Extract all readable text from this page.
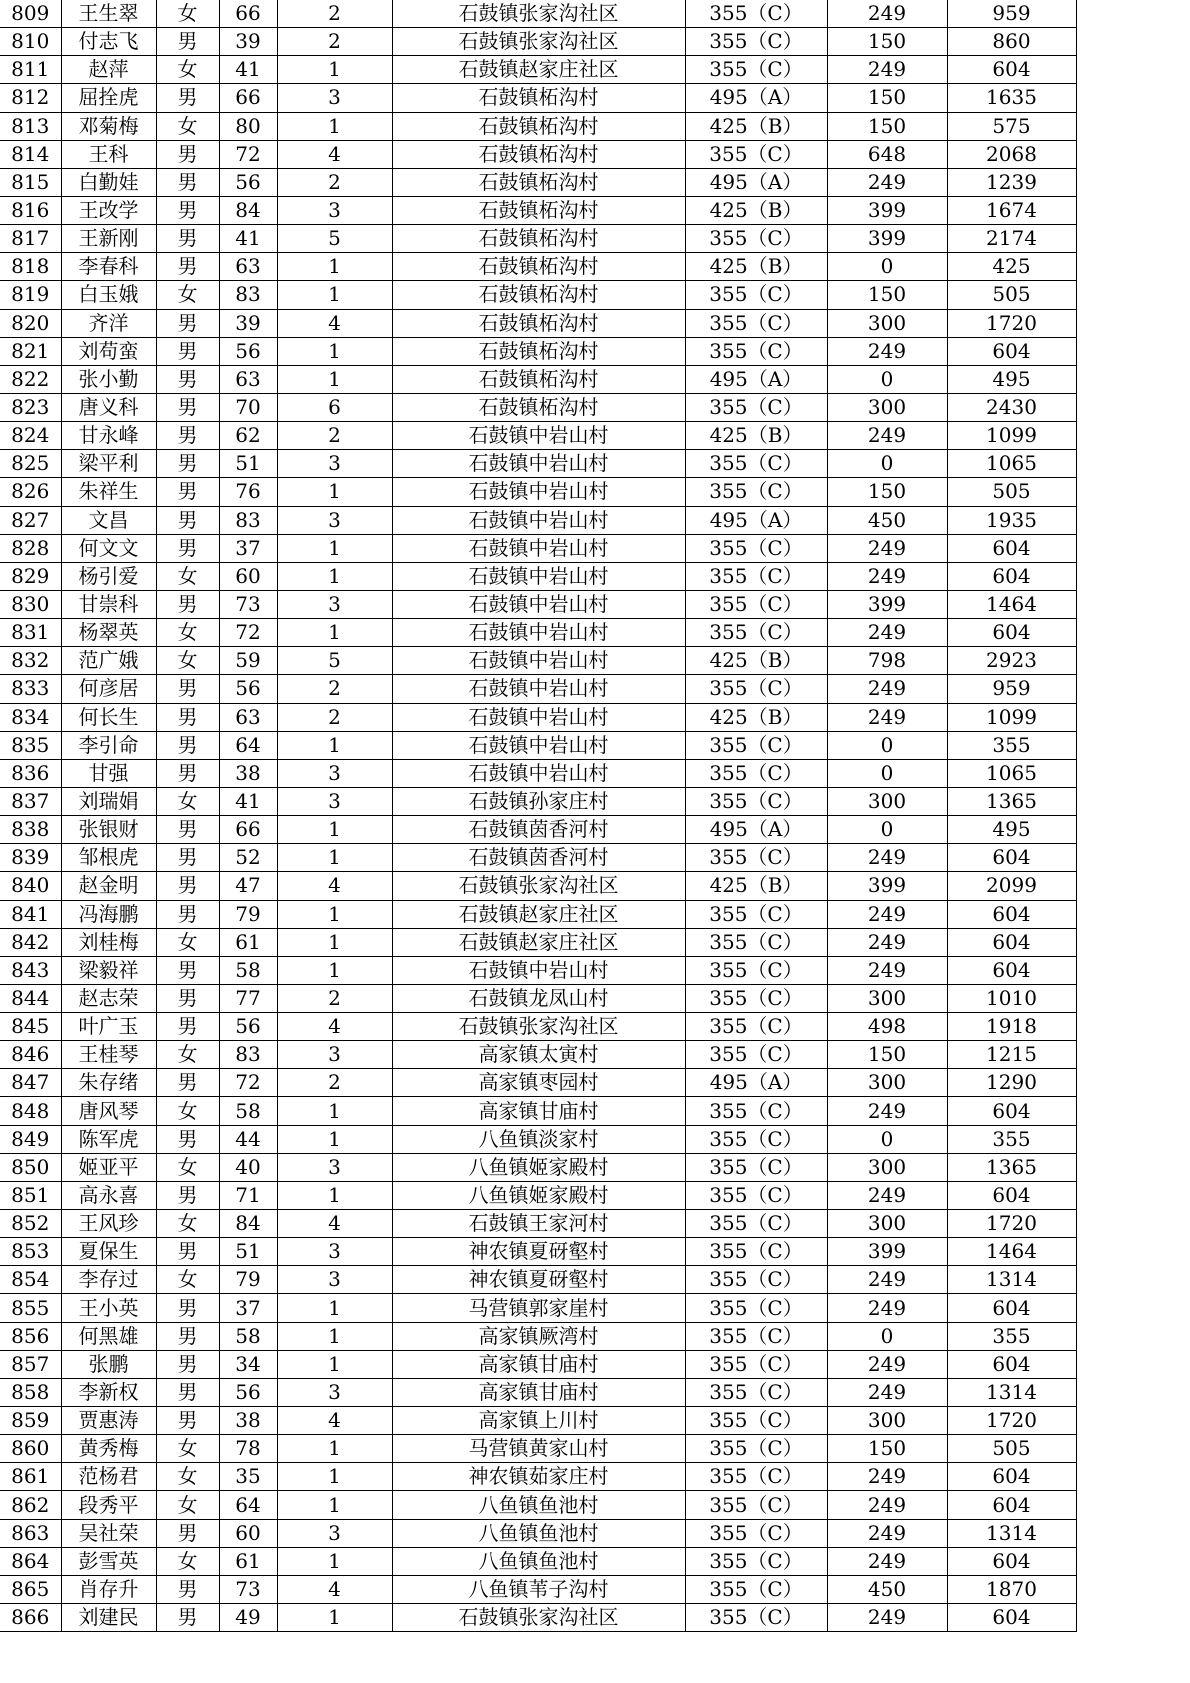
809	王生翠	女	66	2	石鼓镇张家沟社区	355（C）	249	959
810	付志飞	男	39	2	石鼓镇张家沟社区	355（C）	150	860
811	赵萍	女	41	1	石鼓镇赵家庄社区	355（C）	249	604
812	屈拴虎	男	66	3	石鼓镇柘沟村	495（A）	150	1635
813	邓菊梅	女	80	1	石鼓镇柘沟村	425（B）	150	575
814	王科	男	72	4	石鼓镇柘沟村	355（C）	648	2068
815	白勤娃	男	56	2	石鼓镇柘沟村	495（A）	249	1239
816	王改学	男	84	3	石鼓镇柘沟村	425（B）	399	1674
817	王新刚	男	41	5	石鼓镇柘沟村	355（C）	399	2174
818	李春科	男	63	1	石鼓镇柘沟村	425（B）	0	425
819	白玉娥	女	83	1	石鼓镇柘沟村	355（C）	150	505
820	齐洋	男	39	4	石鼓镇柘沟村	355（C）	300	1720
821	刘苟蛮	男	56	1	石鼓镇柘沟村	355（C）	249	604
822	张小勤	男	63	1	石鼓镇柘沟村	495（A）	0	495
823	唐义科	男	70	6	石鼓镇柘沟村	355（C）	300	2430
824	甘永峰	男	62	2	石鼓镇中岩山村	425（B）	249	1099
825	梁平利	男	51	3	石鼓镇中岩山村	355（C）	0	1065
826	朱祥生	男	76	1	石鼓镇中岩山村	355（C）	150	505
827	文昌	男	83	3	石鼓镇中岩山村	495（A）	450	1935
828	何文文	男	37	1	石鼓镇中岩山村	355（C）	249	604
829	杨引爱	女	60	1	石鼓镇中岩山村	355（C）	249	604
830	甘崇科	男	73	3	石鼓镇中岩山村	355（C）	399	1464
831	杨翠英	女	72	1	石鼓镇中岩山村	355（C）	249	604
832	范广娥	女	59	5	石鼓镇中岩山村	425（B）	798	2923
833	何彦居	男	56	2	石鼓镇中岩山村	355（C）	249	959
834	何长生	男	63	2	石鼓镇中岩山村	425（B）	249	1099
835	李引命	男	64	1	石鼓镇中岩山村	355（C）	0	355
836	甘强	男	38	3	石鼓镇中岩山村	355（C）	0	1065
837	刘瑞娟	女	41	3	石鼓镇孙家庄村	355（C）	300	1365
838	张银财	男	66	1	石鼓镇茵香河村	495（A）	0	495
839	邹根虎	男	52	1	石鼓镇茵香河村	355（C）	249	604
840	赵金明	男	47	4	石鼓镇张家沟社区	425（B）	399	2099
841	冯海鹏	男	79	1	石鼓镇赵家庄社区	355（C）	249	604
842	刘桂梅	女	61	1	石鼓镇赵家庄社区	355（C）	249	604
843	梁毅祥	男	58	1	石鼓镇中岩山村	355（C）	249	604
844	赵志荣	男	77	2	石鼓镇龙凤山村	355（C）	300	1010
845	叶广玉	男	56	4	石鼓镇张家沟社区	355（C）	498	1918
846	王桂琴	女	83	3	高家镇太寅村	355（C）	150	1215
847	朱存绪	男	72	2	高家镇枣园村	495（A）	300	1290
848	唐风琴	女	58	1	高家镇甘庙村	355（C）	249	604
849	陈军虎	男	44	1	八鱼镇淡家村	355（C）	0	355
850	姬亚平	女	40	3	八鱼镇姬家殿村	355（C）	300	1365
851	高永喜	男	71	1	八鱼镇姬家殿村	355（C）	249	604
852	王风珍	女	84	4	石鼓镇王家河村	355（C）	300	1720
853	夏保生	男	51	3	神农镇夏砑壑村	355（C）	399	1464
854	李存过	女	79	3	神农镇夏砑壑村	355（C）	249	1314
855	王小英	男	37	1	马营镇郭家崖村	355（C）	249	604
856	何黑雄	男	58	1	高家镇厥湾村	355（C）	0	355
857	张鹏	男	34	1	高家镇甘庙村	355（C）	249	604
858	李新权	男	56	3	高家镇甘庙村	355（C）	249	1314
859	贾惠涛	男	38	4	高家镇上川村	355（C）	300	1720
860	黄秀梅	女	78	1	马营镇黄家山村	355（C）	150	505
861	范杨君	女	35	1	神农镇茹家庄村	355（C）	249	604
862	段秀平	女	64	1	八鱼镇鱼池村	355（C）	249	604
863	吴社荣	男	60	3	八鱼镇鱼池村	355（C）	249	1314
864	彭雪英	女	61	1	八鱼镇鱼池村	355（C）	249	604
865	肖存升	男	73	4	八鱼镇苇子沟村	355（C）	450	1870
866	刘建民	男	49	1	石鼓镇张家沟社区	355（C）	249	604
